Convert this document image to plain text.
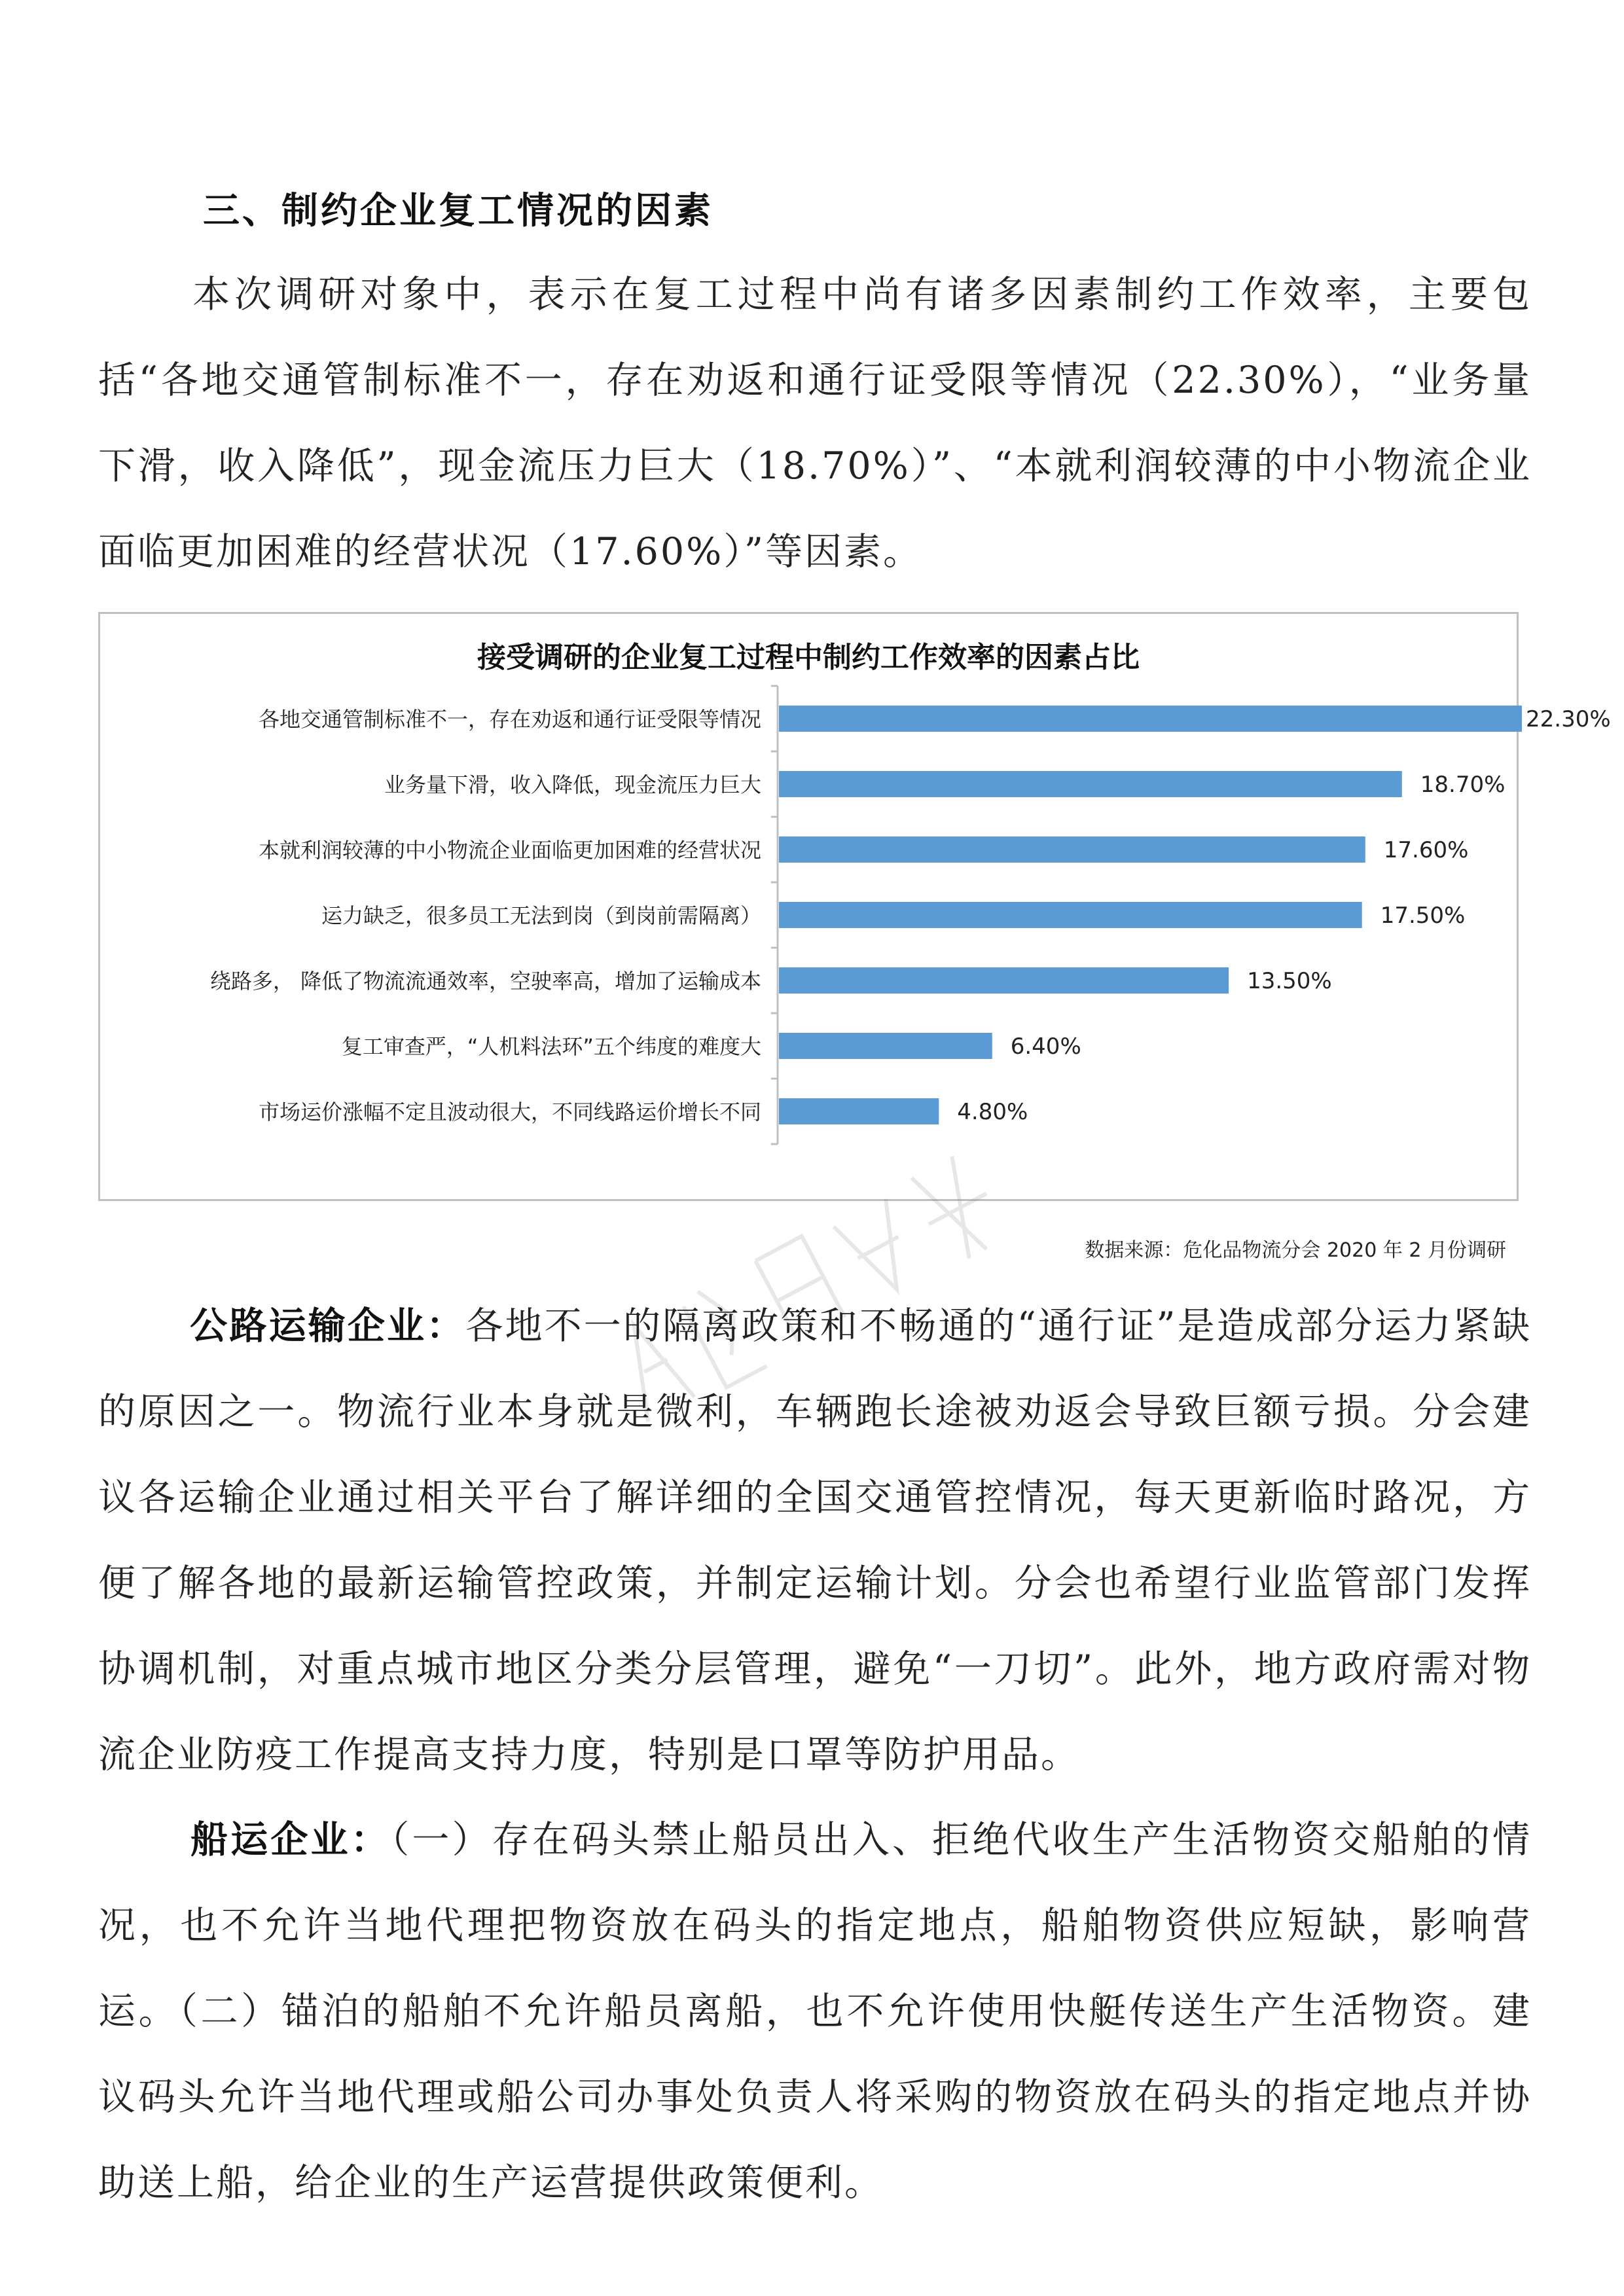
三、制约企业复工情况的因素

本次调研对象中，表示在复工过程中尚有诸多因素制约工作效率，主要包括“各地交通管制标准不一，存在劝返和通行证受限等情况（22.30%），“业务量下滑，收入降低”，现金流压力巨大（18.70%）”、“本就利润较薄的中小物流企业面临更加困难的经营状况（17.60%）”等因素。

接受调研的企业复工过程中制约工作效率的因素占比
各地交通管制标准不一，存在劝返和通行证受限等情况	22.30%
业务量下滑，收入降低，现金流压力巨大	18.70%
本就利润较薄的中小物流企业面临更加困难的经营状况	17.60%
运力缺乏，很多员工无法到岗（到岗前需隔离）	17.50%
绕路多， 降低了物流流通效率，空驶率高，增加了运输成本	13.50%
复工审查严，“人机料法环”五个纬度的难度大	6.40%
市场运价涨幅不定且波动很大，不同线路运价增长不同	4.80%
数据来源：危化品物流分会 2020 年 2 月份调研

公路运输企业：各地不一的隔离政策和不畅通的“通行证”是造成部分运力紧缺的原因之一。物流行业本身就是微利，车辆跑长途被劝返会导致巨额亏损。分会建议各运输企业通过相关平台了解详细的全国交通管控情况，每天更新临时路况，方便了解各地的最新运输管控政策，并制定运输计划。分会也希望行业监管部门发挥协调机制，对重点城市地区分类分层管理，避免“一刀切”。此外，地方政府需对物流企业防疫工作提高支持力度，特别是口罩等防护用品。

船运企业：（一）存在码头禁止船员出入、拒绝代收生产生活物资交船舶的情况，也不允许当地代理把物资放在码头的指定地点，船舶物资供应短缺，影响营运。（二）锚泊的船舶不允许船员离船，也不允许使用快艇传送生产生活物资。建议码头允许当地代理或船公司办事处负责人将采购的物资放在码头的指定地点并协助送上船，给企业的生产运营提供政策便利。
